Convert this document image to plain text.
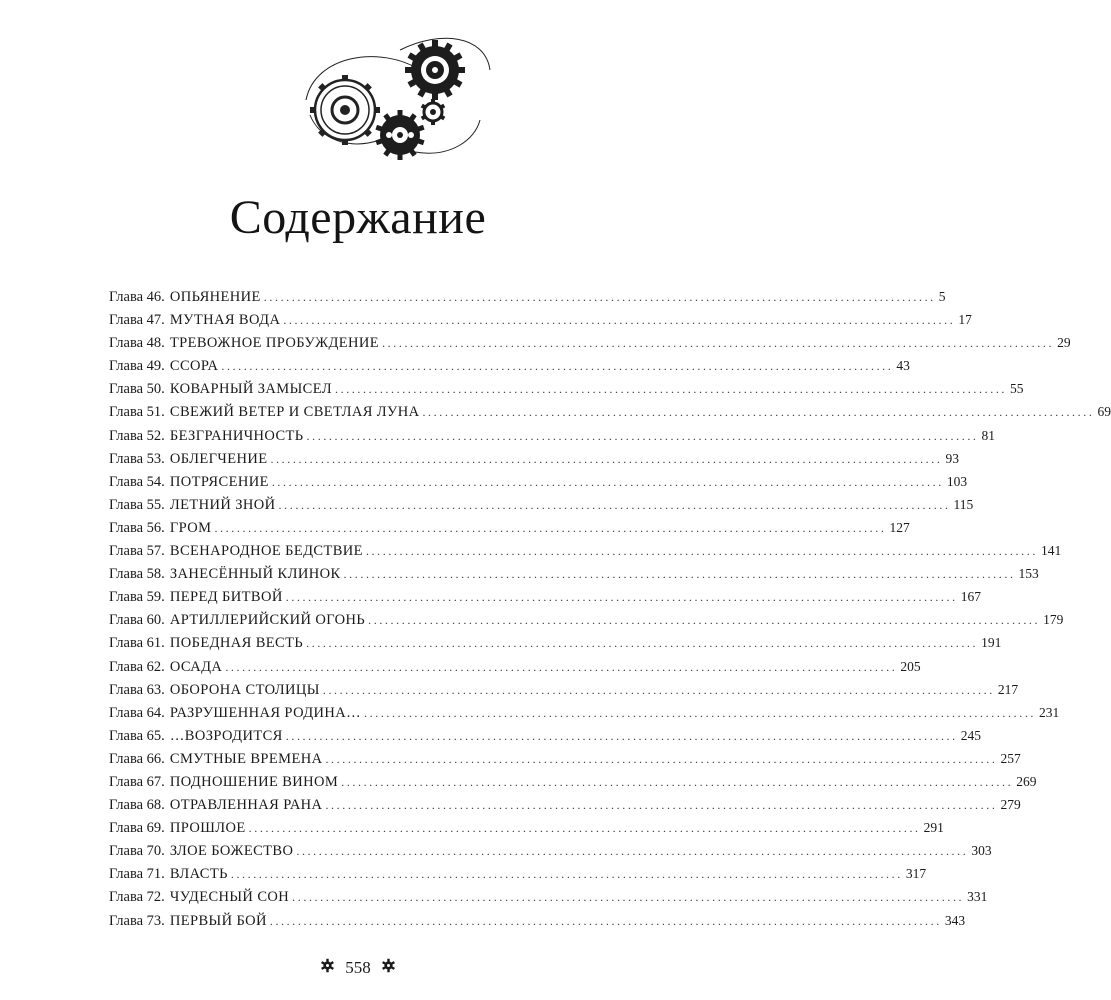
Содержание
Глава 46. ОПЬЯНЕНИЕ ........................................................................................................................ 5
Глава 47. МУТНАЯ ВОДА ........................................................................................................................ 17
Глава 48. ТРЕВОЖНОЕ ПРОБУЖДЕНИЕ ........................................................................................................................ 29
Глава 49. ССОРА ........................................................................................................................ 43
Глава 50. КОВАРНЫЙ ЗАМЫСЕЛ ........................................................................................................................ 55
Глава 51. СВЕЖИЙ ВЕТЕР И СВЕТЛАЯ ЛУНА ........................................................................................................................ 69
Глава 52. БЕЗГРАНИЧНОСТЬ ........................................................................................................................ 81
Глава 53. ОБЛЕГЧЕНИЕ ........................................................................................................................ 93
Глава 54. ПОТРЯСЕНИЕ ........................................................................................................................ 103
Глава 55. ЛЕТНИЙ ЗНОЙ ........................................................................................................................ 115
Глава 56. ГРОМ ........................................................................................................................ 127
Глава 57. ВСЕНАРОДНОЕ БЕДСТВИЕ ........................................................................................................................ 141
Глава 58. ЗАНЕСЁННЫЙ КЛИНОК ........................................................................................................................ 153
Глава 59. ПЕРЕД БИТВОЙ ........................................................................................................................ 167
Глава 60. АРТИЛЛЕРИЙСКИЙ ОГОНЬ ........................................................................................................................ 179
Глава 61. ПОБЕДНАЯ ВЕСТЬ ........................................................................................................................ 191
Глава 62. ОСАДА ........................................................................................................................ 205
Глава 63. ОБОРОНА СТОЛИЦЫ ........................................................................................................................ 217
Глава 64. РАЗРУШЕННАЯ РОДИНА… ........................................................................................................................ 231
Глава 65. …ВОЗРОДИТСЯ ........................................................................................................................ 245
Глава 66. СМУТНЫЕ ВРЕМЕНА ........................................................................................................................ 257
Глава 67. ПОДНОШЕНИЕ ВИНОМ ........................................................................................................................ 269
Глава 68. ОТРАВЛЕННАЯ РАНА ........................................................................................................................ 279
Глава 69. ПРОШЛОЕ ........................................................................................................................ 291
Глава 70. ЗЛОЕ БОЖЕСТВО ........................................................................................................................ 303
Глава 71. ВЛАСТЬ ........................................................................................................................ 317
Глава 72. ЧУДЕСНЫЙ СОН ........................................................................................................................ 331
Глава 73. ПЕРВЫЙ БОЙ ........................................................................................................................ 343
558
